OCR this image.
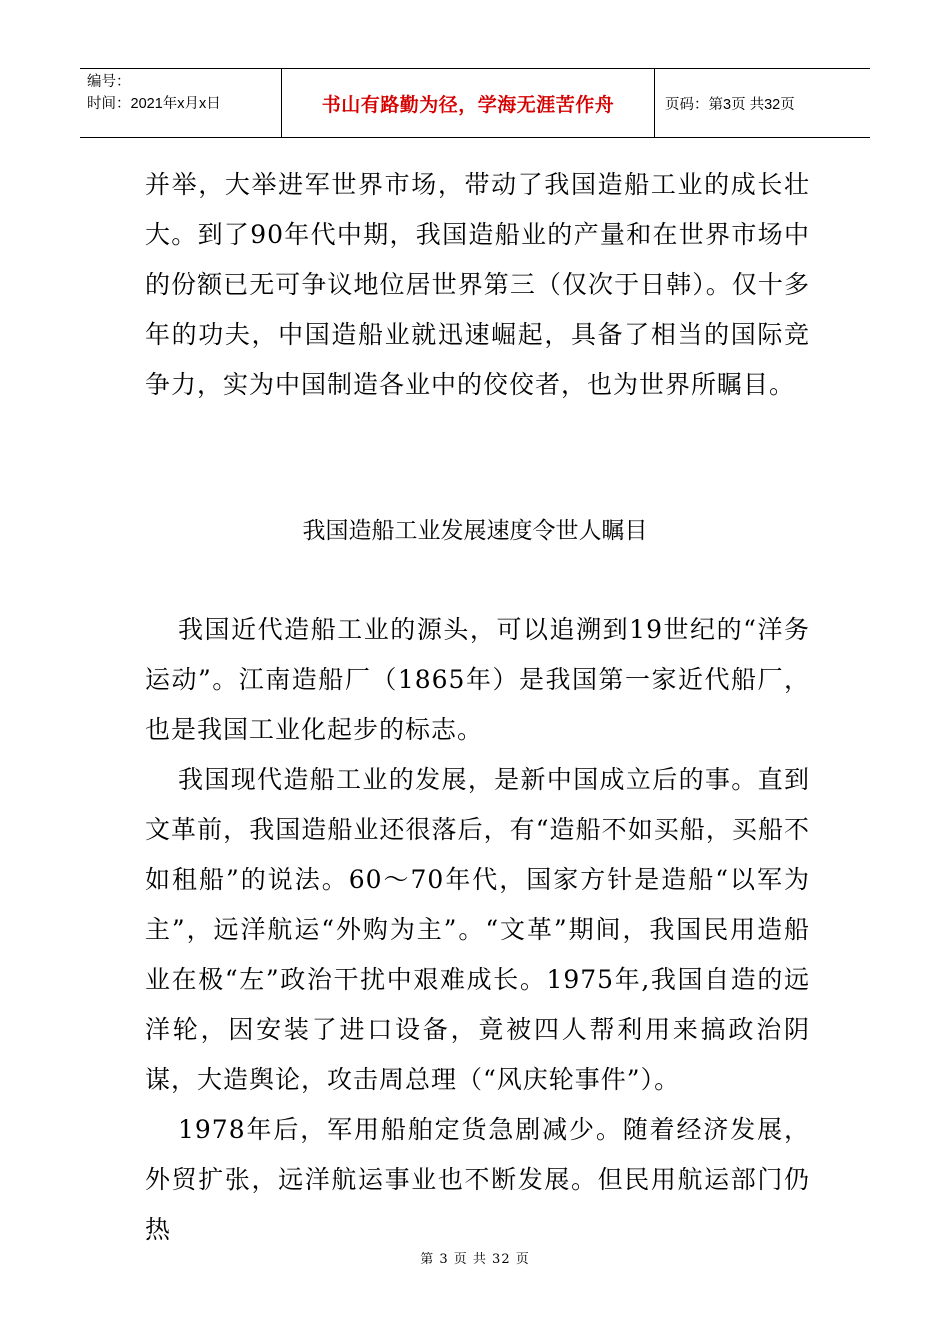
编号：
时间：2021年x月x日	书山有路勤为径，学海无涯苦作舟	页码：第3页 共32页

并举，大举进军世界市场，带动了我国造船工业的成长壮大。到了90年代中期，我国造船业的产量和在世界市场中的份额已无可争议地位居世界第三（仅次于日韩）。仅十多年的功夫，中国造船业就迅速崛起，具备了相当的国际竞争力，实为中国制造各业中的佼佼者，也为世界所瞩目。

我国造船工业发展速度令世人瞩目

我国近代造船工业的源头，可以追溯到19世纪的“洋务运动”。江南造船厂（1865年）是我国第一家近代船厂，也是我国工业化起步的标志。

我国现代造船工业的发展，是新中国成立后的事。直到文革前，我国造船业还很落后，有“造船不如买船，买船不如租船”的说法。60～70年代，国家方针是造船“以军为主”，远洋航运“外购为主”。“文革”期间，我国民用造船业在极“左”政治干扰中艰难成长。1975年,我国自造的远洋轮，因安装了进口设备，竟被四人帮利用来搞政治阴谋，大造舆论，攻击周总理（“风庆轮事件”）。

1978年后，军用船舶定货急剧减少。随着经济发展，外贸扩张，远洋航运事业也不断发展。但民用航运部门仍热

第 3 页 共 32 页
